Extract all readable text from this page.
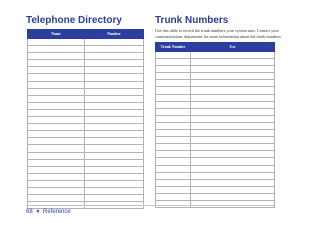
Telephone Directory
Name	Number

Trunk Numbers

Use this table to record the trunk numbers your system uses. Contact your communications department for more information about the trunk numbers.

Trunk Number	Use

68 ▼ Reference
